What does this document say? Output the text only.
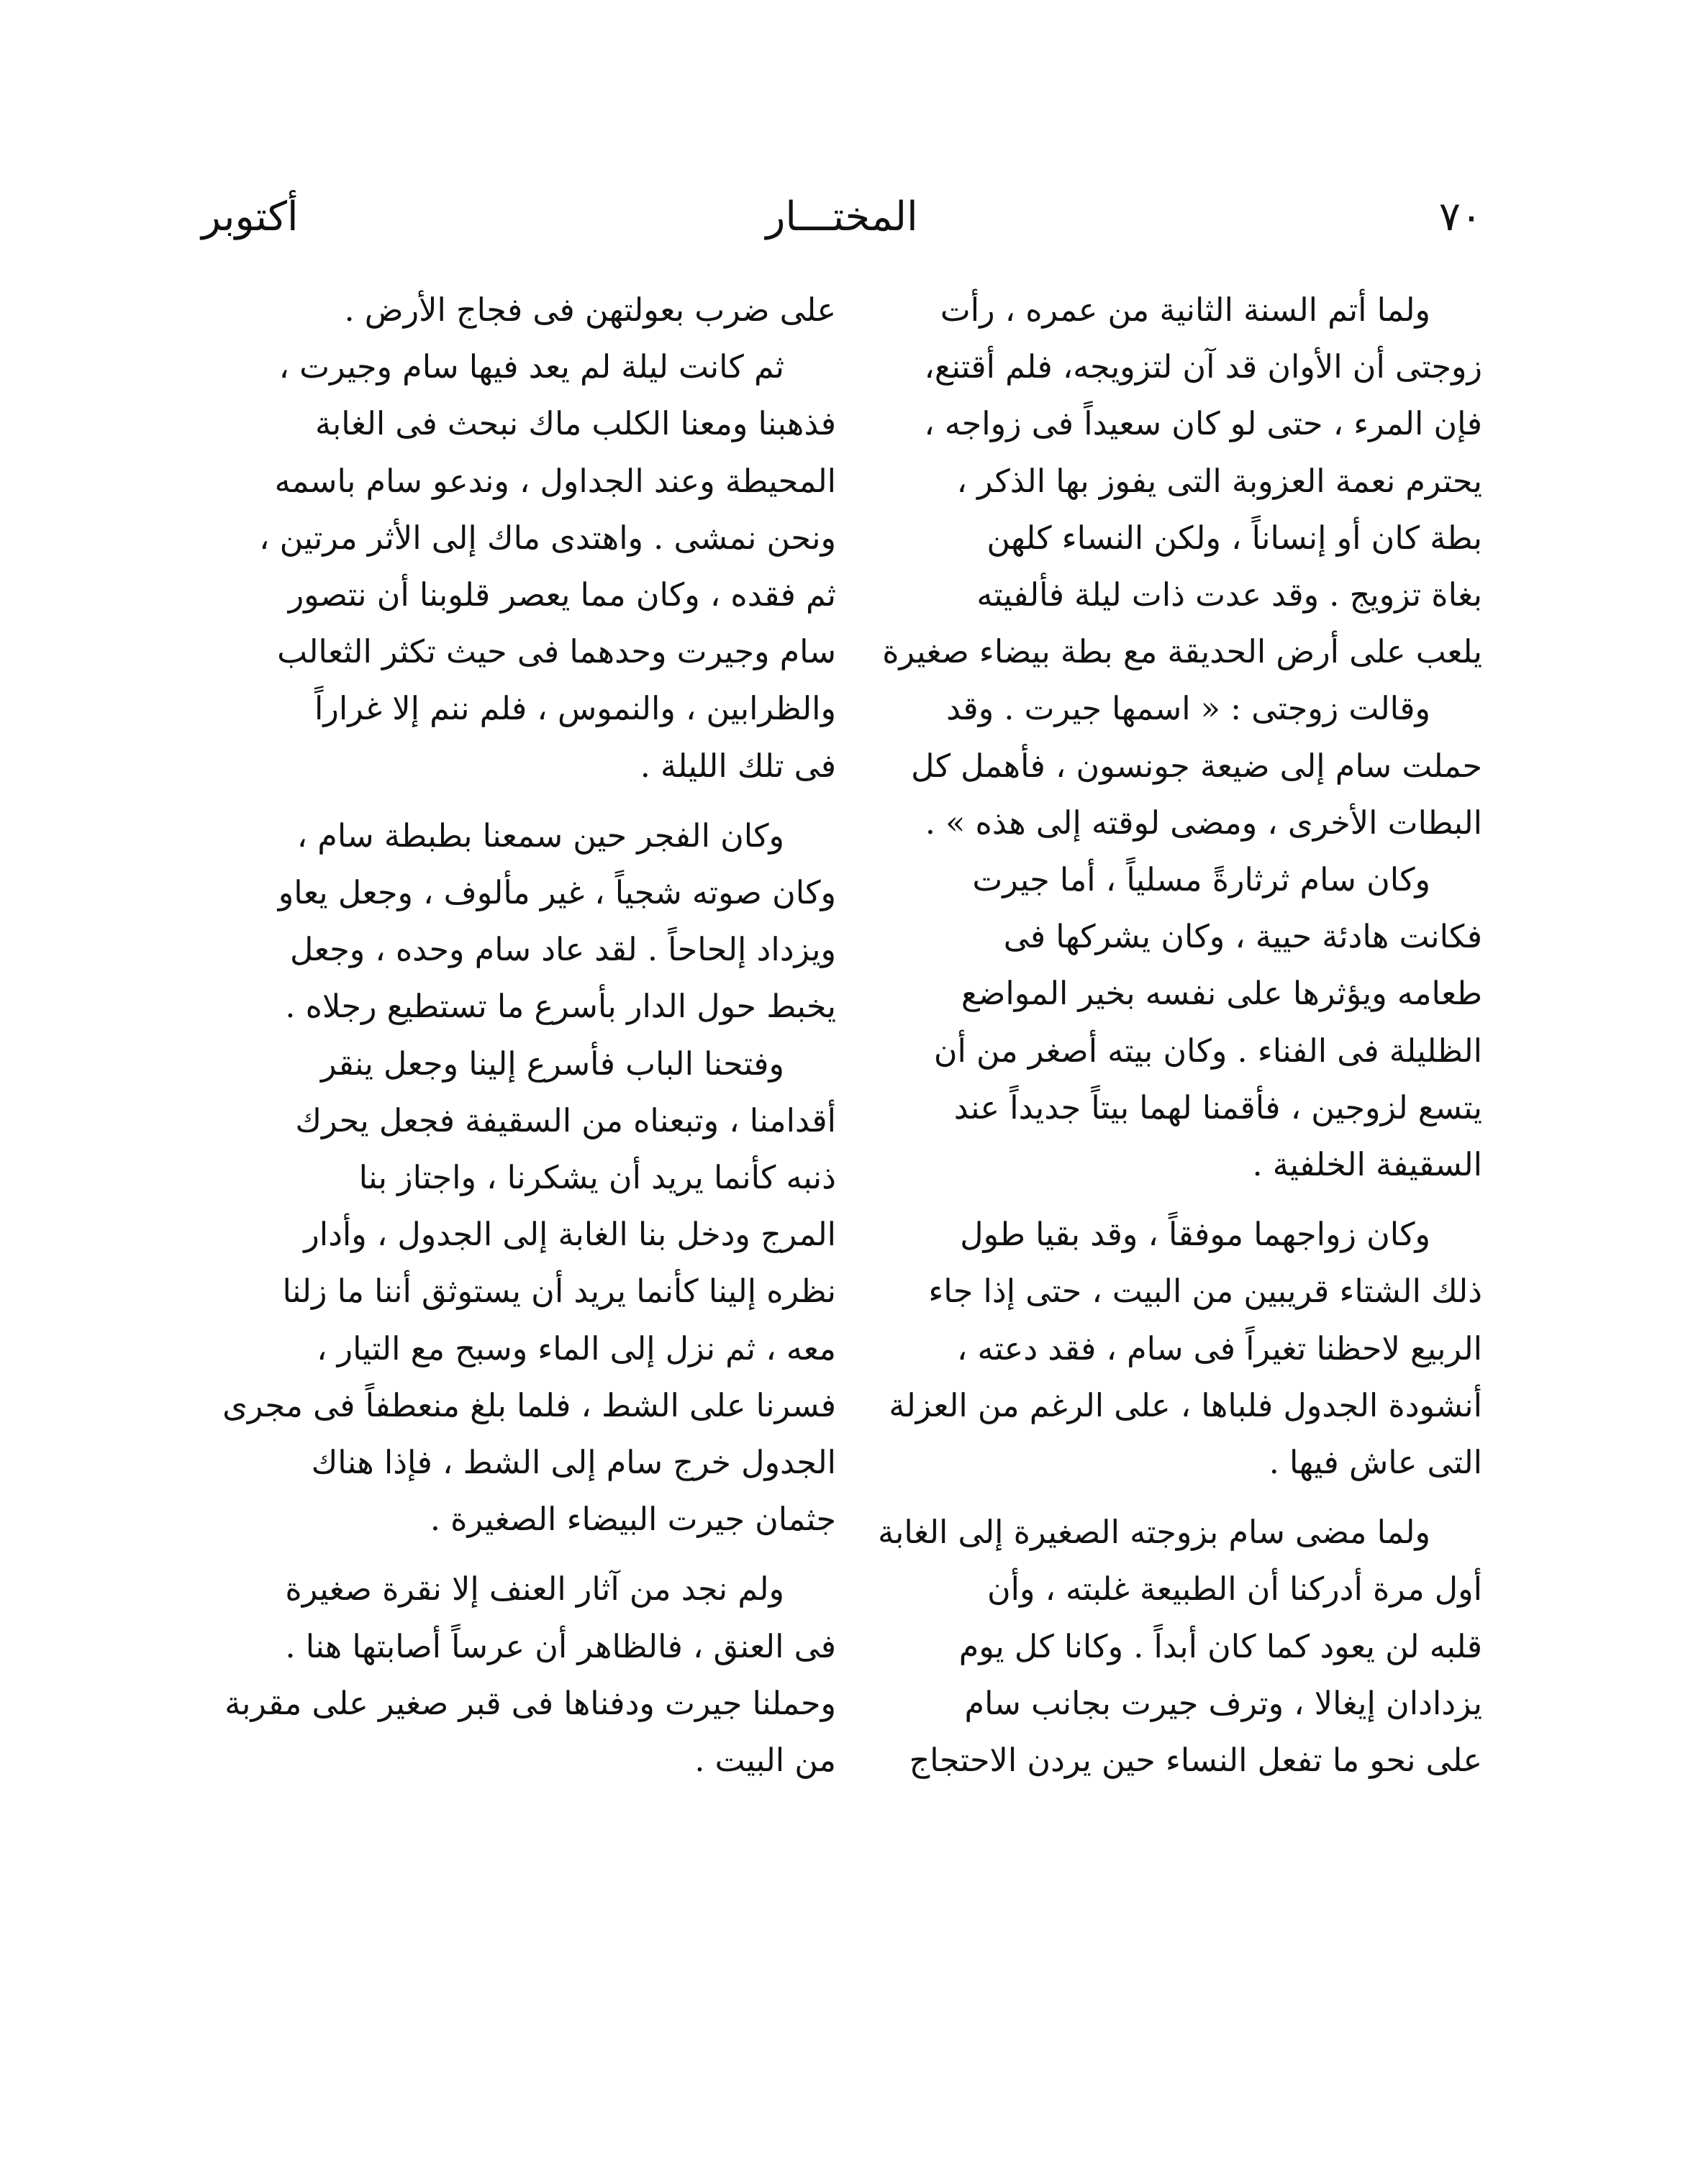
٧٠
المختـــار
أكتوبر

ولما أتم السنة الثانية من عمره ، رأت
زوجتى أن الأوان قد آن لتزويجه، فلم أقتنع،
فإن المرء ، حتى لو كان سعيداً فى زواجه ،
يحترم نعمة العزوبة التى يفوز بها الذكر ،
بطة كان أو إنساناً ، ولكن النساء كلهن
بغاة تزويج . وقد عدت ذات ليلة فألفيته
يلعب على أرض الحديقة مع بطة بيضاء صغيرة

وقالت زوجتى : « اسمها جيرت . وقد
حملت سام إلى ضيعة جونسون ، فأهمل كل
البطات الأخرى ، ومضى لوقته إلى هذه » .

وكان سام ثرثارةً مسلياً ، أما جيرت
فكانت هادئة حيية ، وكان يشركها فى
طعامه ويؤثرها على نفسه بخير المواضع
الظليلة فى الفناء . وكان بيته أصغر من أن
يتسع لزوجين ، فأقمنا لهما بيتاً جديداً عند
السقيفة الخلفية .

وكان زواجهما موفقاً ، وقد بقيا طول
ذلك الشتاء قريبين من البيت ، حتى إذا جاء
الربيع لاحظنا تغيراً فى سام ، فقد دعته ،
أنشودة الجدول فلباها ، على الرغم من العزلة
التى عاش فيها .

ولما مضى سام بزوجته الصغيرة إلى الغابة
أول مرة أدركنا أن الطبيعة غلبته ، وأن
قلبه لن يعود كما كان أبداً . وكانا كل يوم
يزدادان إيغالا ، وترف جيرت بجانب سام
على نحو ما تفعل النساء حين يردن الاحتجاج

على ضرب بعولتهن فى فجاج الأرض .

ثم كانت ليلة لم يعد فيها سام وجيرت ،
فذهبنا ومعنا الكلب ماك نبحث فى الغابة
المحيطة وعند الجداول ، وندعو سام باسمه
ونحن نمشى . واهتدى ماك إلى الأثر مرتين ،
ثم فقده ، وكان مما يعصر قلوبنا أن نتصور
سام وجيرت وحدهما فى حيث تكثر الثعالب
والظرابين ، والنموس ، فلم ننم إلا غراراً
فى تلك الليلة .

وكان الفجر حين سمعنا بطبطة سام ،
وكان صوته شجياً ، غير مألوف ، وجعل يعاو
ويزداد إلحاحاً . لقد عاد سام وحده ، وجعل
يخبط حول الدار بأسرع ما تستطيع رجلاه .

وفتحنا الباب فأسرع إلينا وجعل ينقر
أقدامنا ، وتبعناه من السقيفة فجعل يحرك
ذنبه كأنما يريد أن يشكرنا ، واجتاز بنا
المرج ودخل بنا الغابة إلى الجدول ، وأدار
نظره إلينا كأنما يريد أن يستوثق أننا ما زلنا
معه ، ثم نزل إلى الماء وسبح مع التيار ،
فسرنا على الشط ، فلما بلغ منعطفاً فى مجرى
الجدول خرج سام إلى الشط ، فإذا هناك
جثمان جيرت البيضاء الصغيرة .

ولم نجد من آثار العنف إلا نقرة صغيرة
فى العنق ، فالظاهر أن عرساً أصابتها هنا .
وحملنا جيرت ودفناها فى قبر صغير على مقربة
من البيت .
